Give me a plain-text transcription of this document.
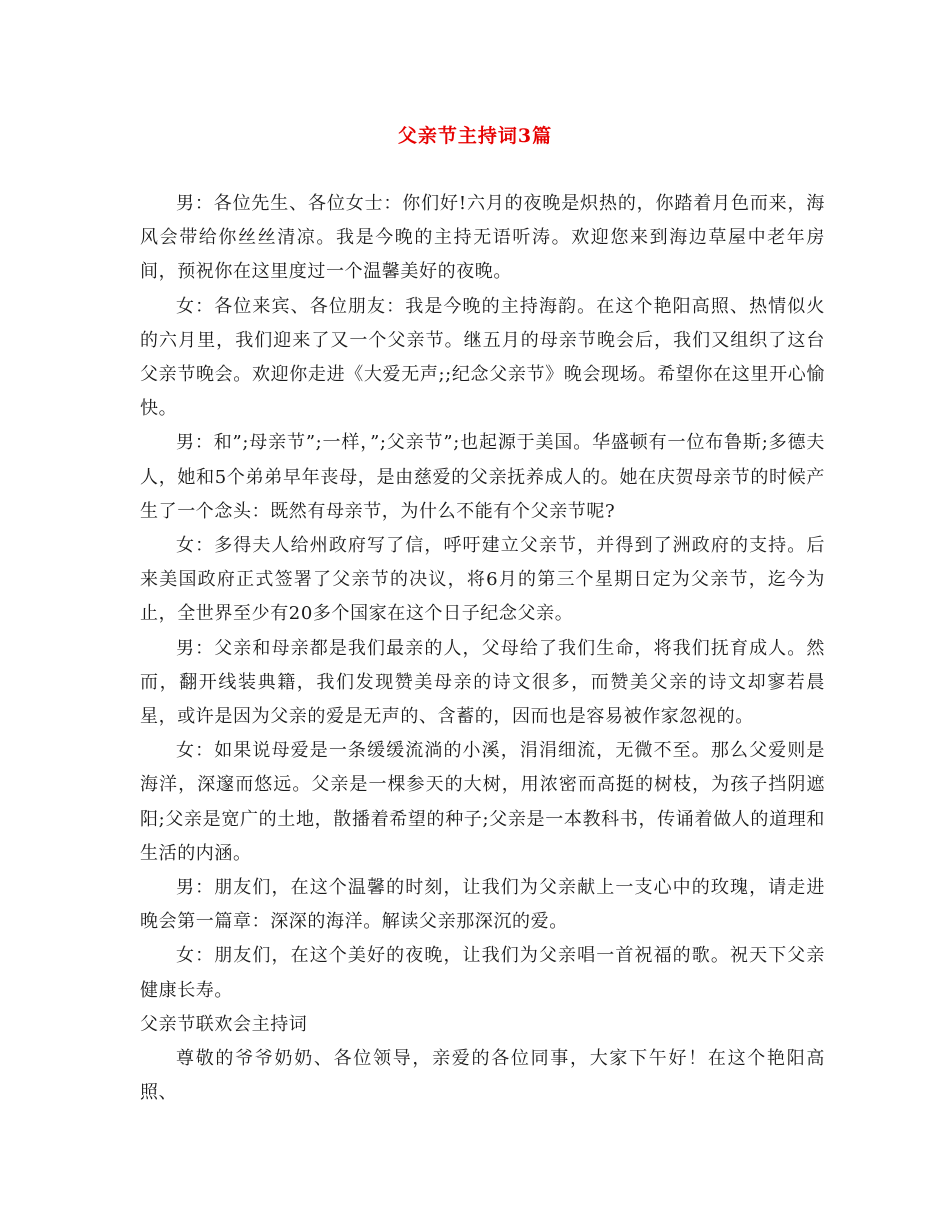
父亲节主持词3篇

男：各位先生、各位女士：你们好!六月的夜晚是炽热的，你踏着月色而来，海风会带给你丝丝清凉。我是今晚的主持无语听涛。欢迎您来到海边草屋中老年房间，预祝你在这里度过一个温馨美好的夜晚。

女：各位来宾、各位朋友：我是今晚的主持海韵。在这个艳阳高照、热情似火的六月里，我们迎来了又一个父亲节。继五月的母亲节晚会后，我们又组织了这台父亲节晚会。欢迎你走进《大爱无声;;纪念父亲节》晚会现场。希望你在这里开心愉快。

男：和”;母亲节”;一样，”;父亲节”;也起源于美国。华盛顿有一位布鲁斯;多德夫人，她和5个弟弟早年丧母，是由慈爱的父亲抚养成人的。她在庆贺母亲节的时候产生了一个念头：既然有母亲节，为什么不能有个父亲节呢?

女：多得夫人给州政府写了信，呼吁建立父亲节，并得到了洲政府的支持。后来美国政府正式签署了父亲节的决议，将6月的第三个星期日定为父亲节，迄今为止，全世界至少有20多个国家在这个日子纪念父亲。

男：父亲和母亲都是我们最亲的人，父母给了我们生命，将我们抚育成人。然而，翻开线装典籍，我们发现赞美母亲的诗文很多，而赞美父亲的诗文却寥若晨星，或许是因为父亲的爱是无声的、含蓄的，因而也是容易被作家忽视的。

女：如果说母爱是一条缓缓流淌的小溪，涓涓细流，无微不至。那么父爱则是海洋，深邃而悠远。父亲是一棵参天的大树，用浓密而高挺的树枝，为孩子挡阴遮阳;父亲是宽广的土地，散播着希望的种子;父亲是一本教科书，传诵着做人的道理和生活的内涵。

男：朋友们，在这个温馨的时刻，让我们为父亲献上一支心中的玫瑰，请走进晚会第一篇章：深深的海洋。解读父亲那深沉的爱。

女：朋友们，在这个美好的夜晚，让我们为父亲唱一首祝福的歌。祝天下父亲健康长寿。

父亲节联欢会主持词

尊敬的爷爷奶奶、各位领导，亲爱的各位同事，大家下午好！在这个艳阳高照、
